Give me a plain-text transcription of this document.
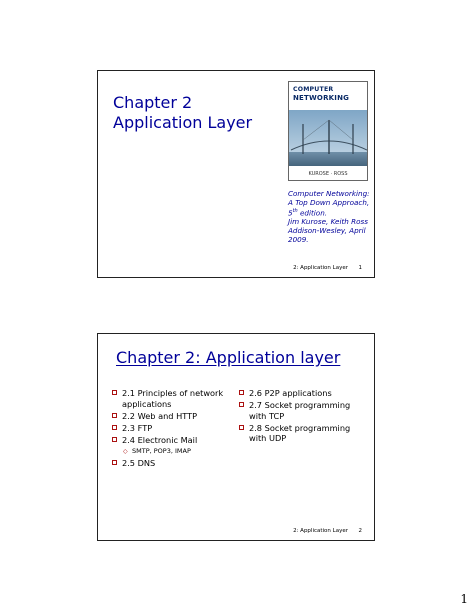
Chapter 2
Application Layer
COMPUTER
NETWORKING
KUROSE · ROSS
Computer Networking:
A Top Down Approach,
5th edition.
Jim Kurose, Keith Ross
Addison-Wesley, April
2009.
2: Application Layer 1
Chapter 2: Application layer
2.1 Principles of network applications
2.2 Web and HTTP
2.3 FTP
2.4 Electronic Mail
◇ SMTP, POP3, IMAP
2.5 DNS
2.6 P2P applications
2.7 Socket programming with TCP
2.8 Socket programming with UDP
2: Application Layer 2
1
